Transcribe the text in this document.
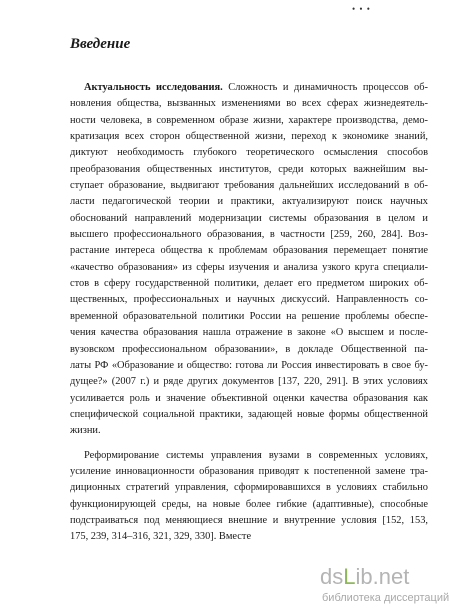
• • •
Введение
Актуальность исследования. Сложность и динамичность процессов об-
новления общества, вызванных изменениями во всех сферах жизнедеятель-
ности человека, в современном образе жизни, характере производства, демо-
кратизация всех сторон общественной жизни, переход к экономике знаний,
диктуют необходимость глубокого теоретического осмысления способов
преобразования общественных институтов, среди которых важнейшим вы-
ступает образование, выдвигают требования дальнейших исследований в об-
ласти педагогической теории и практики, актуализируют поиск научных
обоснований направлений модернизации системы образования в целом и
высшего профессионального образования, в частности [259, 260, 284]. Воз-
растание интереса общества к проблемам образования перемещает понятие
«качество образования» из сферы изучения и анализа узкого круга специали-
стов в сферу государственной политики, делает его предметом широких об-
щественных, профессиональных и научных дискуссий. Направленность со-
временной образовательной политики России на решение проблемы обеспе-
чения качества образования нашла отражение в законе «О высшем и после-
вузовском профессиональном образовании», в докладе Общественной па-
латы РФ «Образование и общество: готова ли Россия инвестировать в свое бу-
дущее?» (2007 г.) и ряде других документов [137, 220, 291]. В этих условиях
усиливается роль и значение объективной оценки качества образования как
специфической социальной практики, задающей новые формы общественной
жизни.
Реформирование системы управления вузами в современных условиях,
усиление инновационности образования приводят к постепенной замене тра-
диционных стратегий управления, сформировавшихся в условиях стабильно
функционирующей среды, на новые более гибкие (адаптивные), способные
подстраиваться под меняющиеся внешние и внутренние условия [152, 153,
175, 239, 314–316, 321, 329, 330]. Вместе
dsLib.net
библиотека диссертаций
